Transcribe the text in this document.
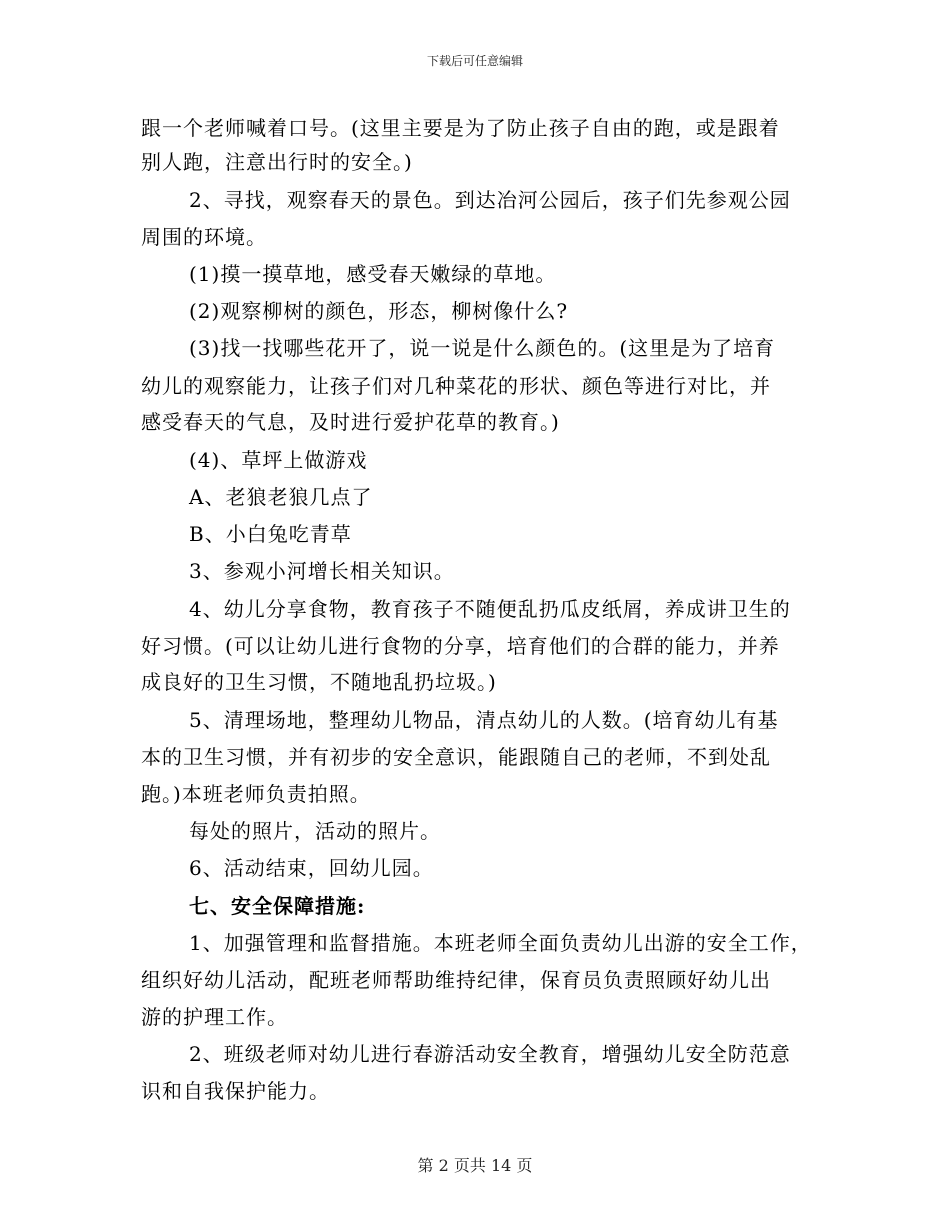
下载后可任意编辑
跟一个老师喊着口号。(这里主要是为了防止孩子自由的跑，或是跟着
别人跑，注意出行时的安全。)
2、寻找，观察春天的景色。到达冶河公园后，孩子们先参观公园
周围的环境。
(1)摸一摸草地，感受春天嫩绿的草地。
(2)观察柳树的颜色，形态，柳树像什么?
(3)找一找哪些花开了，说一说是什么颜色的。(这里是为了培育
幼儿的观察能力，让孩子们对几种菜花的形状、颜色等进行对比，并
感受春天的气息，及时进行爱护花草的教育。)
(4)、草坪上做游戏
A、老狼老狼几点了
B、小白兔吃青草
3、参观小河增长相关知识。
4、幼儿分享食物，教育孩子不随便乱扔瓜皮纸屑，养成讲卫生的
好习惯。(可以让幼儿进行食物的分享，培育他们的合群的能力，并养
成良好的卫生习惯，不随地乱扔垃圾。)
5、清理场地，整理幼儿物品，清点幼儿的人数。(培育幼儿有基
本的卫生习惯，并有初步的安全意识，能跟随自己的老师，不到处乱
跑。)本班老师负责拍照。
每处的照片，活动的照片。
6、活动结束，回幼儿园。
七、安全保障措施:
1、加强管理和监督措施。本班老师全面负责幼儿出游的安全工作，
组织好幼儿活动，配班老师帮助维持纪律，保育员负责照顾好幼儿出
游的护理工作。
2、班级老师对幼儿进行春游活动安全教育，增强幼儿安全防范意
识和自我保护能力。
第 2 页共 14 页
